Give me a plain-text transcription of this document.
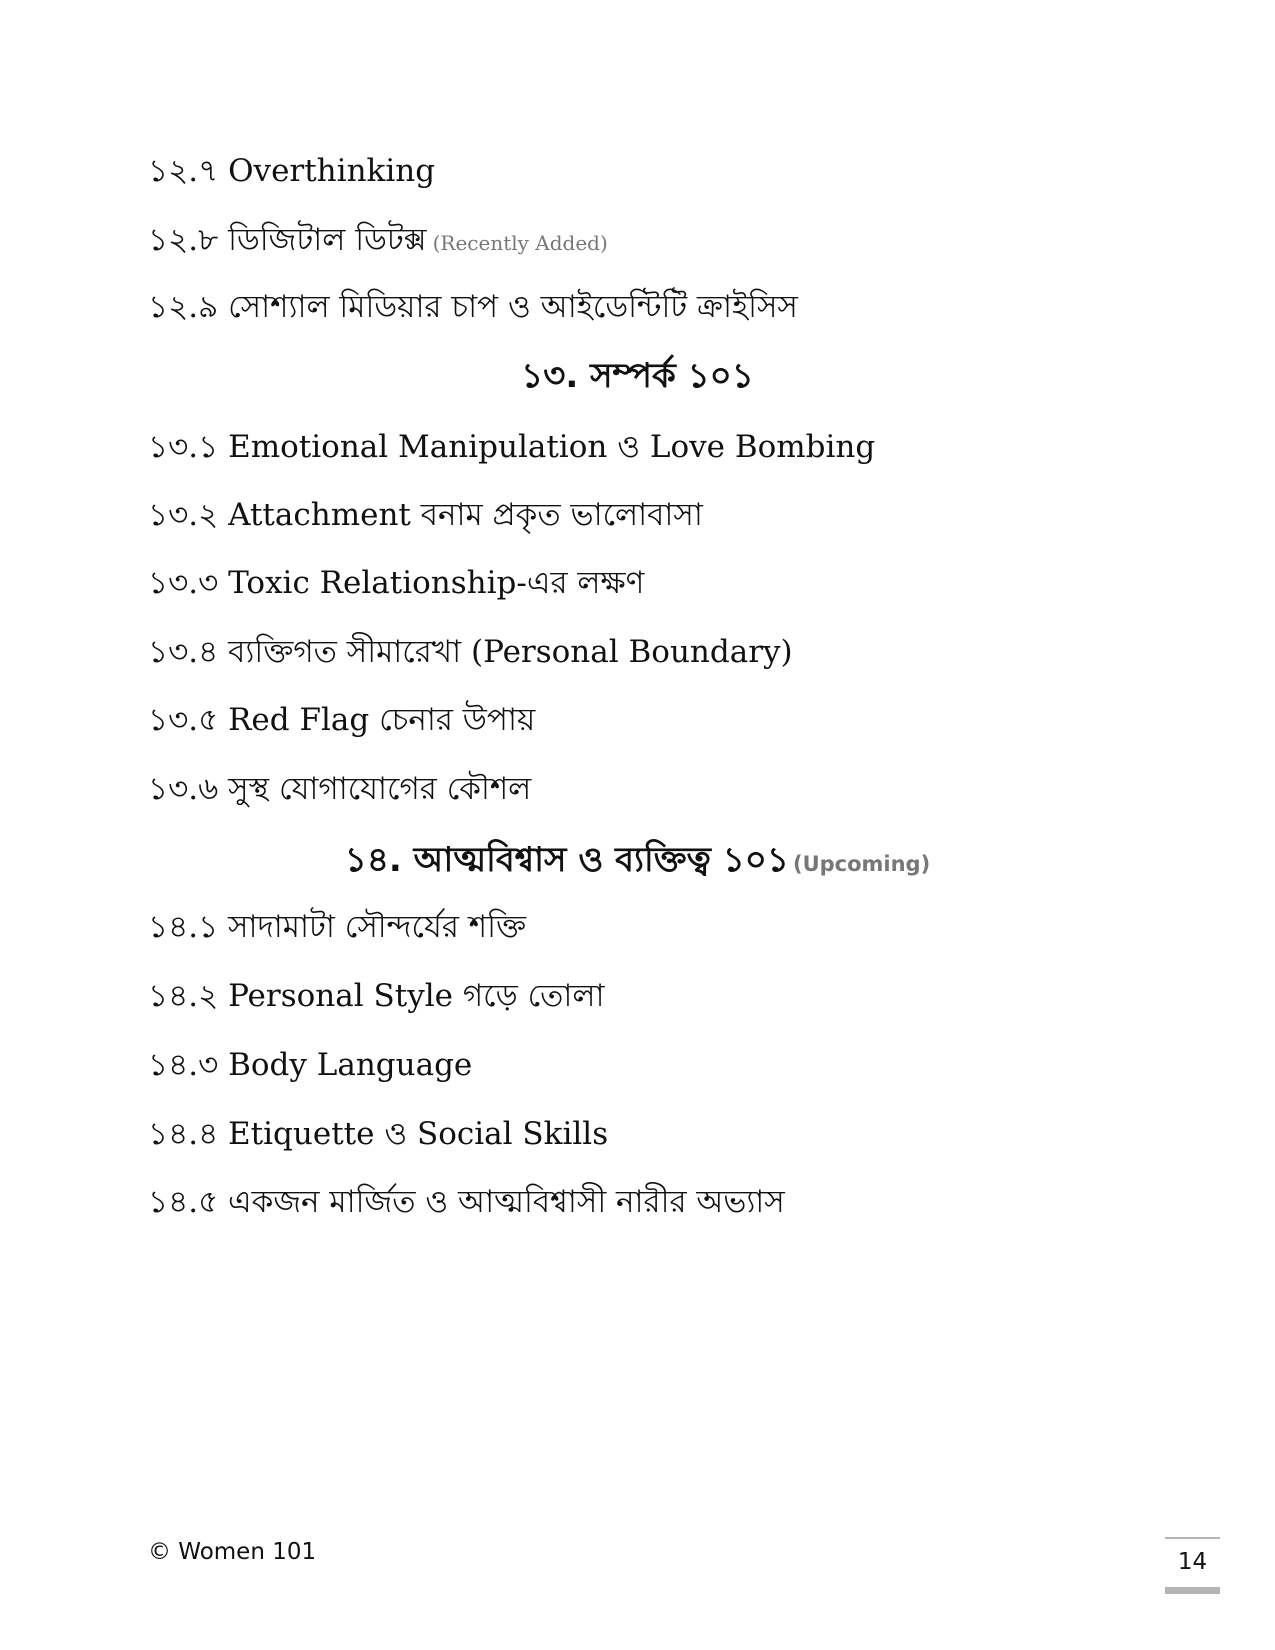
১২.৭ Overthinking
১২.৮ ডিজিটাল ডিটক্স (Recently Added)
১২.৯ সোশ্যাল মিডিয়ার চাপ ও আইডেন্টিটি ক্রাইসিস
১৩. সম্পর্ক ১০১
১৩.১ Emotional Manipulation ও Love Bombing
১৩.২ Attachment বনাম প্রকৃত ভালোবাসা
১৩.৩ Toxic Relationship-এর লক্ষণ
১৩.৪ ব্যক্তিগত সীমারেখা (Personal Boundary)
১৩.৫ Red Flag চেনার উপায়
১৩.৬ সুস্থ যোগাযোগের কৌশল
১৪. আত্মবিশ্বাস ও ব্যক্তিত্ব ১০১ (Upcoming)
১৪.১ সাদামাটা সৌন্দর্যের শক্তি
১৪.২ Personal Style গড়ে তোলা
১৪.৩ Body Language
১৪.৪ Etiquette ও Social Skills
১৪.৫ একজন মার্জিত ও আত্মবিশ্বাসী নারীর অভ্যাস
© Women 101	14
